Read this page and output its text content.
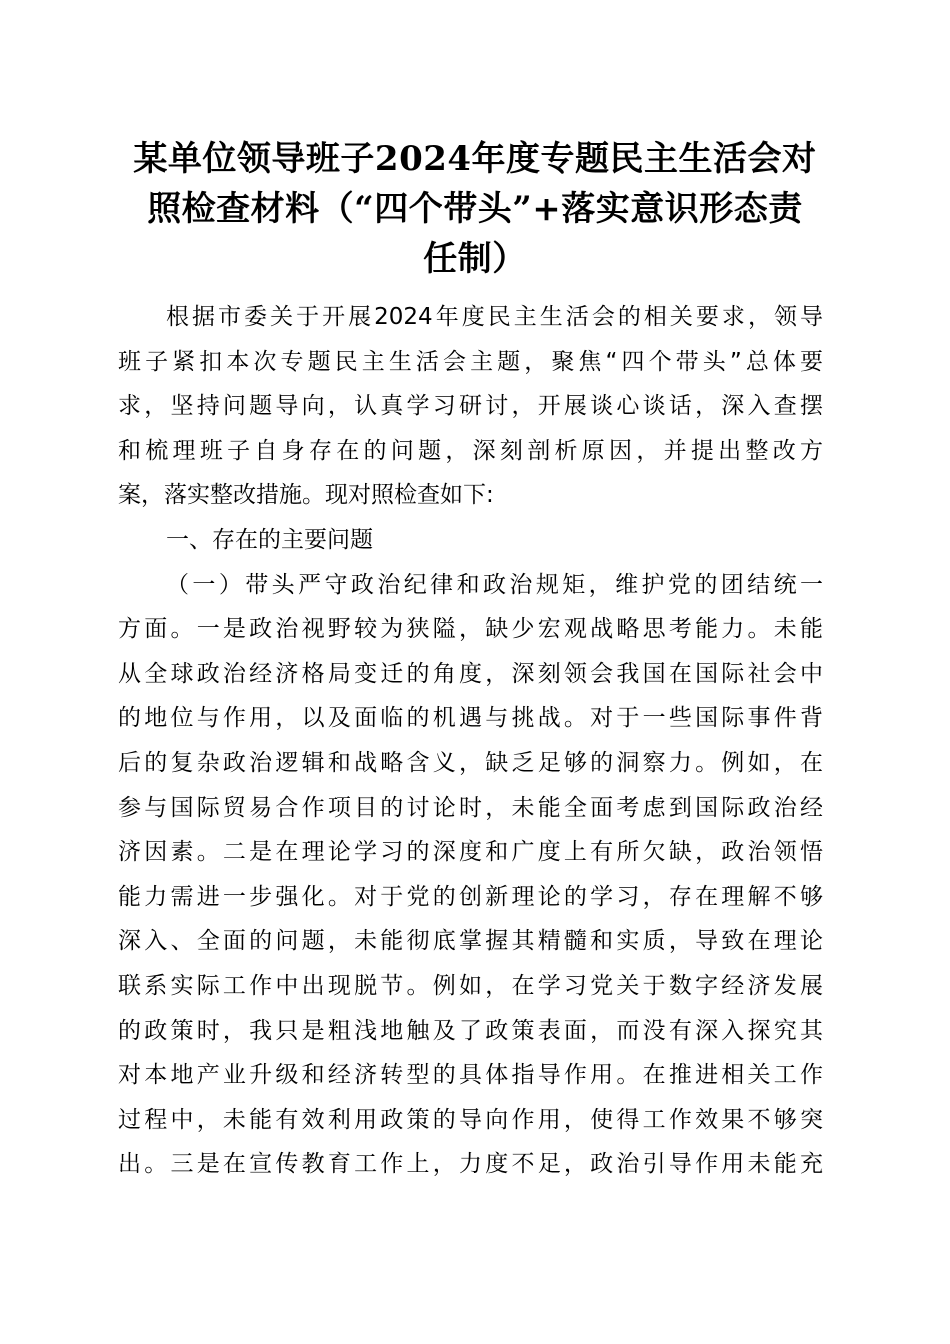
某单位领导班子2024年度专题民主生活会对
照检查材料（“四个带头”+落实意识形态责
任制）
根据市委关于开展2024年度民主生活会的相关要求，领导
班子紧扣本次专题民主生活会主题，聚焦“四个带头”总体要
求，坚持问题导向，认真学习研讨，开展谈心谈话，深入查摆
和梳理班子自身存在的问题，深刻剖析原因，并提出整改方
案，落实整改措施。现对照检查如下:
一、存在的主要问题
（一）带头严守政治纪律和政治规矩，维护党的团结统一
方面。一是政治视野较为狭隘，缺少宏观战略思考能力。未能
从全球政治经济格局变迁的角度，深刻领会我国在国际社会中
的地位与作用，以及面临的机遇与挑战。对于一些国际事件背
后的复杂政治逻辑和战略含义，缺乏足够的洞察力。例如，在
参与国际贸易合作项目的讨论时，未能全面考虑到国际政治经
济因素。二是在理论学习的深度和广度上有所欠缺，政治领悟
能力需进一步强化。对于党的创新理论的学习，存在理解不够
深入、全面的问题，未能彻底掌握其精髓和实质，导致在理论
联系实际工作中出现脱节。例如，在学习党关于数字经济发展
的政策时，我只是粗浅地触及了政策表面，而没有深入探究其
对本地产业升级和经济转型的具体指导作用。在推进相关工作
过程中，未能有效利用政策的导向作用，使得工作效果不够突
出。三是在宣传教育工作上，力度不足，政治引导作用未能充
